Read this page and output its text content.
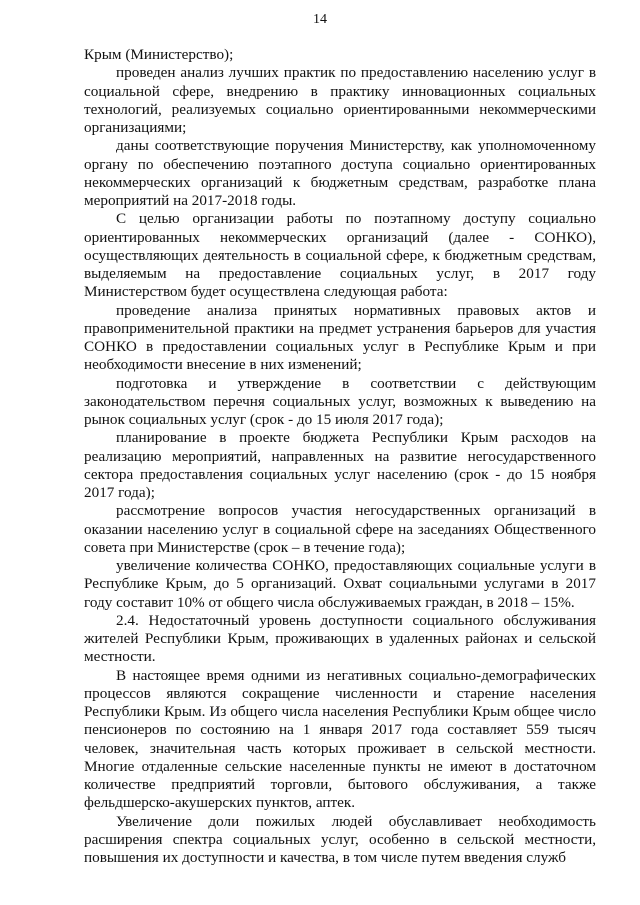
14

Крым (Министерство);

проведен анализ лучших практик по предоставлению населению услуг в социальной сфере, внедрению в практику инновационных социальных технологий, реализуемых социально ориентированными некоммерческими организациями;

даны соответствующие поручения Министерству, как уполномоченному органу по обеспечению поэтапного доступа социально ориентированных некоммерческих организаций к бюджетным средствам, разработке плана мероприятий на 2017-2018 годы.

С целью организации работы по поэтапному доступу социально ориентированных некоммерческих организаций (далее - СОНКО), осуществляющих деятельность в социальной сфере, к бюджетным средствам, выделяемым на предоставление социальных услуг, в 2017 году Министерством будет осуществлена следующая работа:

проведение анализа принятых нормативных правовых актов и правоприменительной практики на предмет устранения барьеров для участия СОНКО в предоставлении социальных услуг в Республике Крым и при необходимости внесение в них изменений;

подготовка и утверждение в соответствии с действующим законодательством перечня социальных услуг, возможных к выведению на рынок социальных услуг (срок - до 15 июля 2017 года);

планирование в проекте бюджета Республики Крым расходов на реализацию мероприятий, направленных на развитие негосударственного сектора предоставления социальных услуг населению (срок - до 15 ноября 2017 года);

рассмотрение вопросов участия негосударственных организаций в оказании населению услуг в социальной сфере на заседаниях Общественного совета при Министерстве (срок – в течение года);

увеличение количества СОНКО, предоставляющих социальные услуги в Республике Крым, до 5 организаций. Охват социальными услугами в 2017 году составит 10% от общего числа обслуживаемых граждан, в 2018 – 15%.

2.4. Недостаточный уровень доступности социального обслуживания жителей Республики Крым, проживающих в удаленных районах и сельской местности.

В настоящее время одними из негативных социально-демографических процессов являются сокращение численности и старение населения Республики Крым. Из общего числа населения Республики Крым общее число пенсионеров по состоянию на 1 января 2017 года составляет 559 тысяч человек, значительная часть которых проживает в сельской местности. Многие отдаленные сельские населенные пункты не имеют в достаточном количестве предприятий торговли, бытового обслуживания, а также фельдшерско-акушерских пунктов, аптек.

Увеличение доли пожилых людей обуславливает необходимость расширения спектра социальных услуг, особенно в сельской местности, повышения их доступности и качества, в том числе путем введения служб
